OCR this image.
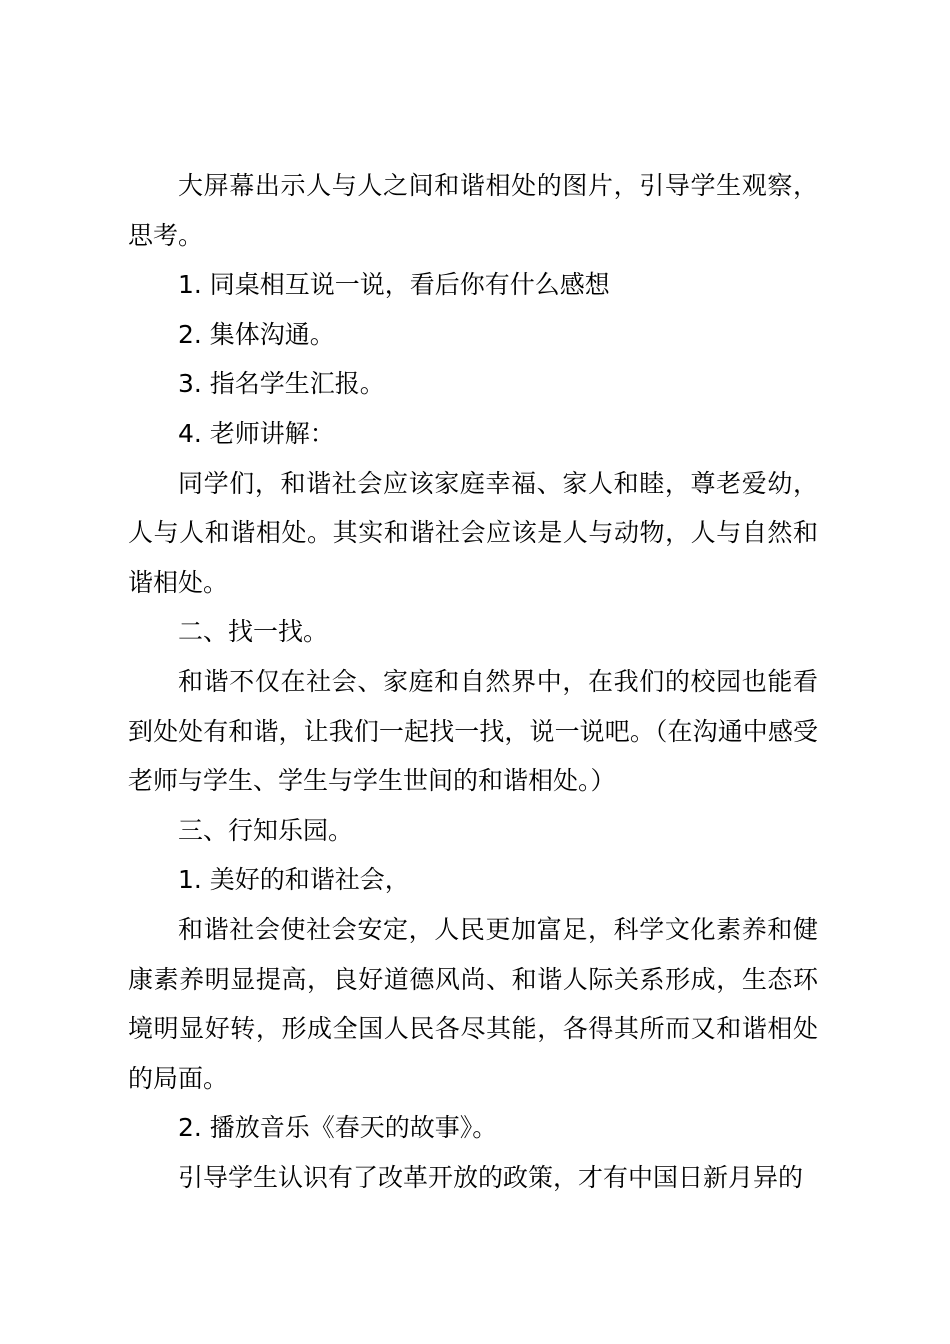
大屏幕出示人与人之间和谐相处的图片，引导学生观察，思考。

1. 同桌相互说一说，看后你有什么感想

2. 集体沟通。

3. 指名学生汇报。

4. 老师讲解：

同学们，和谐社会应该家庭幸福、家人和睦，尊老爱幼，人与人和谐相处。其实和谐社会应该是人与动物，人与自然和谐相处。

二、找一找。

和谐不仅在社会、家庭和自然界中，在我们的校园也能看到处处有和谐，让我们一起找一找，说一说吧。（在沟通中感受老师与学生、学生与学生世间的和谐相处。）

三、行知乐园。

1. 美好的和谐社会，

和谐社会使社会安定，人民更加富足，科学文化素养和健康素养明显提高，良好道德风尚、和谐人际关系形成，生态环境明显好转，形成全国人民各尽其能，各得其所而又和谐相处的局面。

2. 播放音乐《春天的故事》。

引导学生认识有了改革开放的政策，才有中国日新月异的
